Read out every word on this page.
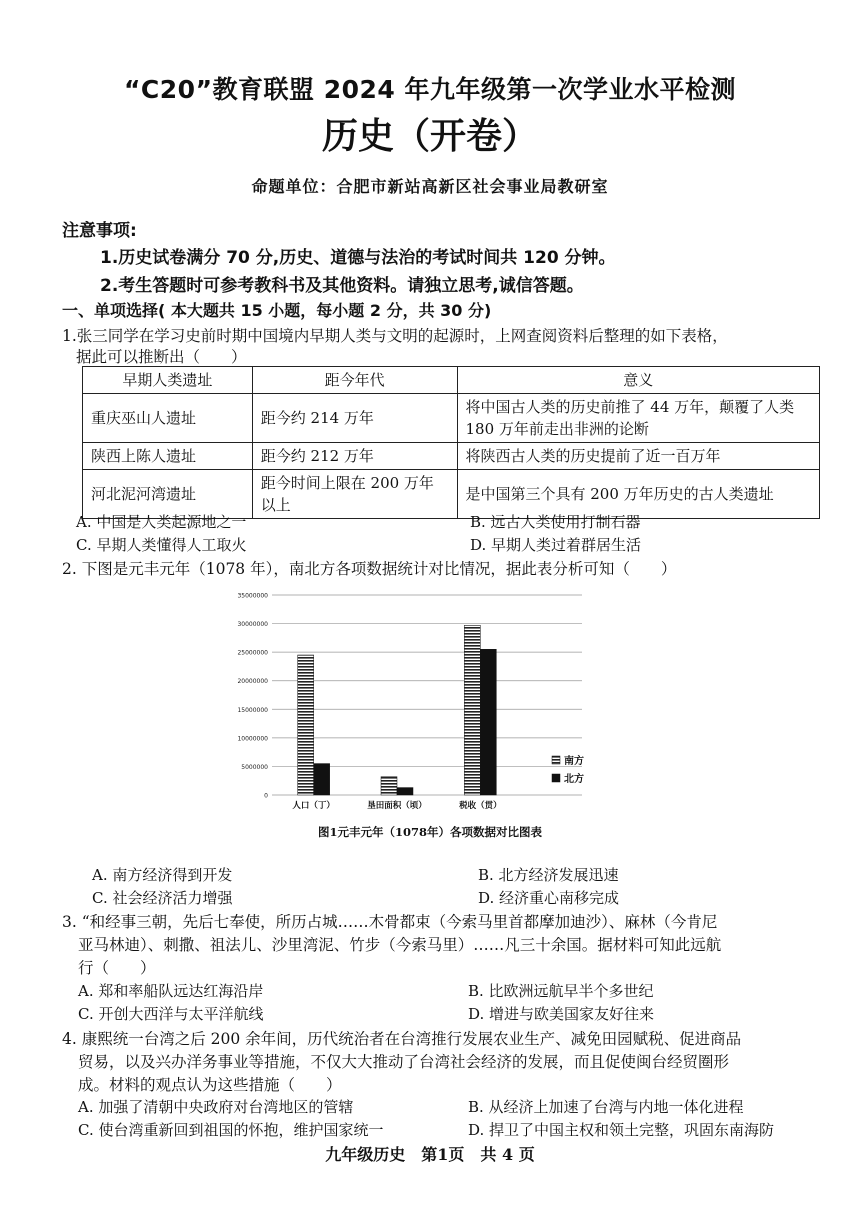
“C20”教育联盟 2024 年九年级第一次学业水平检测
历史（开卷）
命题单位：合肥市新站高新区社会事业局教研室
注意事项:
1.历史试卷满分 70 分,历史、道德与法治的考试时间共 120 分钟。
2.考生答题时可参考教科书及其他资料。请独立思考,诚信答题。
一、单项选择( 本大题共 15 小题，每小题 2 分，共 30 分)
1.张三同学在学习史前时期中国境内早期人类与文明的起源时，上网查阅资料后整理的如下表格，
据此可以推断出（　　）
早期人类遗址	距今年代	意义
重庆巫山人遗址	距今约 214 万年	将中国古人类的历史前推了 44 万年，颠覆了人类 180 万年前走出非洲的论断
陕西上陈人遗址	距今约 212 万年	将陕西古人类的历史提前了近一百万年
河北泥河湾遗址	距今时间上限在 200 万年以上	是中国第三个具有 200 万年历史的古人类遗址
A. 中国是人类起源地之一	B. 远古人类使用打制石器
C. 早期人类懂得人工取火	D. 早期人类过着群居生活
2. 下图是元丰元年（1078 年），南北方各项数据统计对比情况，据此表分析可知（　　）
0
5000000
10000000
15000000
20000000
25000000
30000000
35000000
人口（丁）	垦田面积（顷）	税收（贯）
南方
北方
图1元丰元年（1078年）各项数据对比图表
A. 南方经济得到开发	B. 北方经济发展迅速
C. 社会经济活力增强	D. 经济重心南移完成
3. “和经事三朝，先后七奉使，所历占城……木骨都束（今索马里首都摩加迪沙）、麻林（今肯尼
亚马林迪）、刺撒、祖法儿、沙里湾泥、竹步（今索马里）……凡三十余国。据材料可知此远航
行（　　）
A. 郑和率船队远达红海沿岸	B. 比欧洲远航早半个多世纪
C. 开创大西洋与太平洋航线	D. 增进与欧美国家友好往来
4. 康熙统一台湾之后 200 余年间，历代统治者在台湾推行发展农业生产、减免田园赋税、促进商品
贸易，以及兴办洋务事业等措施，不仅大大推动了台湾社会经济的发展，而且促使闽台经贸圈形
成。材料的观点认为这些措施（　　）
A. 加强了清朝中央政府对台湾地区的管辖	B. 从经济上加速了台湾与内地一体化进程
C. 使台湾重新回到祖国的怀抱，维护国家统一	D. 捍卫了中国主权和领土完整，巩固东南海防
九年级历史　第1页　共 4 页
